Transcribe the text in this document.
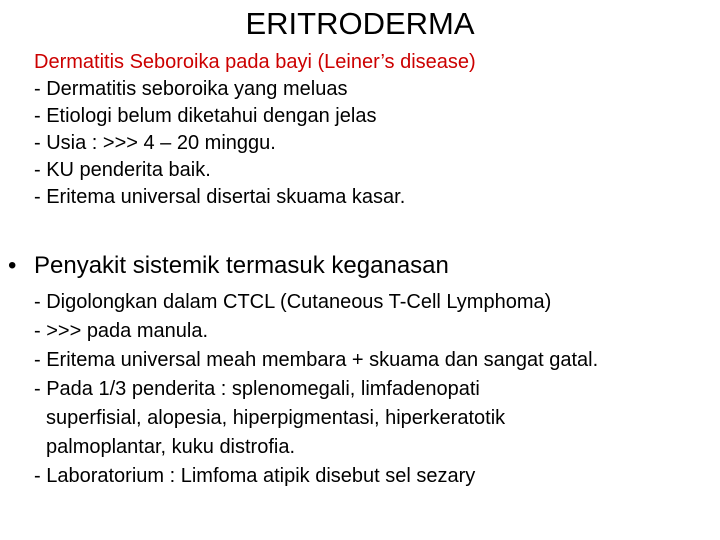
ERITRODERMA
Dermatitis Seboroika pada bayi (Leiner’s disease)
- Dermatitis seboroika yang meluas
- Etiologi belum diketahui dengan jelas
- Usia : >>> 4 – 20 minggu.
- KU penderita baik.
- Eritema universal disertai skuama kasar.
• Penyakit sistemik termasuk keganasan
- Digolongkan dalam CTCL (Cutaneous T-Cell Lymphoma)
- >>> pada manula.
- Eritema universal meah membara + skuama dan sangat gatal.
- Pada 1/3 penderita : splenomegali, limfadenopati
superfisial, alopesia, hiperpigmentasi, hiperkeratotik
palmoplantar, kuku distrofia.
- Laboratorium : Limfoma atipik disebut sel sezary
